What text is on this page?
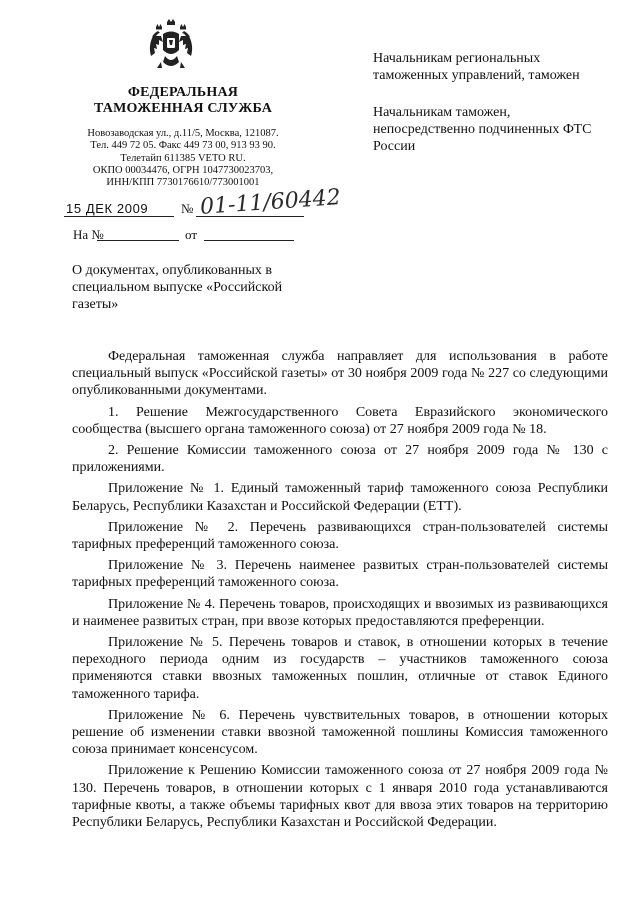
ФЕДЕРАЛЬНАЯ
ТАМОЖЕННАЯ СЛУЖБА
Новозаводская ул., д.11/5, Москва, 121087.
Тел. 449 72 05. Факс 449 73 00, 913 93 90.
Телетайп 611385 VETO RU.
ОКПО 00034476, ОГРН 1047730023703,
ИНН/КПП 7730176610/773001001
15 ДЕК 2009	№ 01-11/60442
На №	от

Начальникам региональных таможенных управлений, таможен

Начальникам таможен, непосредственно подчиненных ФТС России

О документах, опубликованных в специальном выпуске «Российской газеты»

Федеральная таможенная служба направляет для использования в работе специальный выпуск «Российской газеты» от 30 ноября 2009 года № 227 со следующими опубликованными документами.

1. Решение Межгосударственного Совета Евразийского экономического сообщества (высшего органа таможенного союза) от 27 ноября 2009 года № 18.

2. Решение Комиссии таможенного союза от 27 ноября 2009 года № 130 с приложениями.

Приложение № 1. Единый таможенный тариф таможенного союза Республики Беларусь, Республики Казахстан и Российской Федерации (ЕТТ).

Приложение № 2. Перечень развивающихся стран-пользователей системы тарифных преференций таможенного союза.

Приложение № 3. Перечень наименее развитых стран-пользователей системы тарифных преференций таможенного союза.

Приложение № 4. Перечень товаров, происходящих и ввозимых из развивающихся и наименее развитых стран, при ввозе которых предоставляются преференции.

Приложение № 5. Перечень товаров и ставок, в отношении которых в течение переходного периода одним из государств – участников таможенного союза применяются ставки ввозных таможенных пошлин, отличные от ставок Единого таможенного тарифа.

Приложение № 6. Перечень чувствительных товаров, в отношении которых решение об изменении ставки ввозной таможенной пошлины Комиссия таможенного союза принимает консенсусом.

Приложение к Решению Комиссии таможенного союза от 27 ноября 2009 года № 130. Перечень товаров, в отношении которых с 1 января 2010 года устанавливаются тарифные квоты, а также объемы тарифных квот для ввоза этих товаров на территорию Республики Беларусь, Республики Казахстан и Российской Федерации.
